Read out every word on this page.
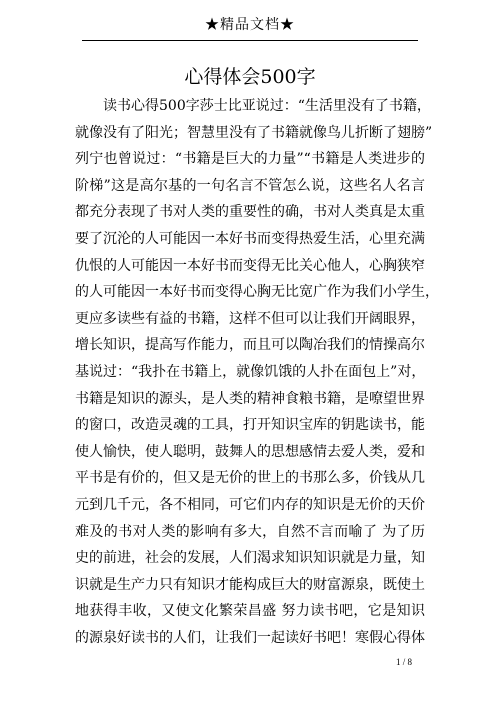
★精品文档★
心得体会500字
读书心得500字莎士比亚说过：“生活里没有了书籍，
就像没有了阳光；智慧里没有了书籍就像鸟儿折断了翅膀”
列宁也曾说过：“书籍是巨大的力量”“书籍是人类进步的
阶梯”这是高尔基的一句名言不管怎么说，这些名人名言
都充分表现了书对人类的重要性的确，书对人类真是太重
要了沉沦的人可能因一本好书而变得热爱生活，心里充满
仇恨的人可能因一本好书而变得无比关心他人，心胸狭窄
的人可能因一本好书而变得心胸无比宽广作为我们小学生，
更应多读些有益的书籍，这样不但可以让我们开阔眼界，
增长知识，提高写作能力，而且可以陶冶我们的情操高尔
基说过：“我扑在书籍上，就像饥饿的人扑在面包上”对，
书籍是知识的源头，是人类的精神食粮书籍，是嘹望世界
的窗口，改造灵魂的工具，打开知识宝库的钥匙读书，能
使人愉快，使人聪明，鼓舞人的思想感情去爱人类，爱和
平书是有价的，但又是无价的世上的书那么多，价钱从几
元到几千元，各不相同，可它们内存的知识是无价的天价
难及的书对人类的影响有多大，自然不言而喻了 为了历
史的前进，社会的发展，人们渴求知识知识就是力量，知
识就是生产力只有知识才能构成巨大的财富源泉，既使土
地获得丰收，又使文化繁荣昌盛 努力读书吧，它是知识
的源泉好读书的人们，让我们一起读好书吧！寒假心得体
1 / 8
